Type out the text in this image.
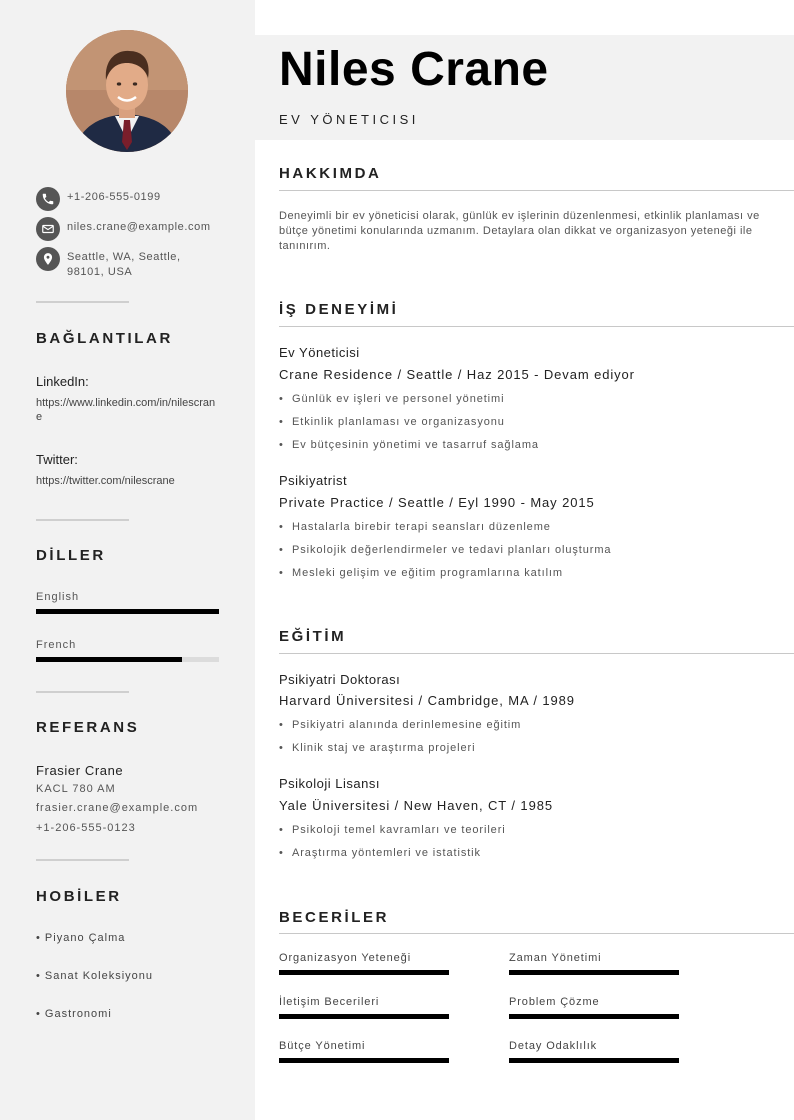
+1-206-555-0199
niles.crane@example.com
Seattle, WA, Seattle, 98101, USA
BAĞLANTILAR
LinkedIn:
https://www.linkedin.com/in/nilescrane
Twitter:
https://twitter.com/nilescrane
DİLLER
English
French
REFERANS
Frasier Crane
KACL 780 AM
frasier.crane@example.com
+1-206-555-0123
HOBİLER
• Piyano Çalma
• Sanat Koleksiyonu
• Gastronomi
Niles Crane
EV YÖNETICISI
HAKKIMDA
Deneyimli bir ev yöneticisi olarak, günlük ev işlerinin düzenlenmesi, etkinlik planlaması ve bütçe yönetimi konularında uzmanım. Detaylara olan dikkat ve organizasyon yeteneği ile tanınırım.
İŞ DENEYİMİ
Ev Yöneticisi
Crane Residence / Seattle / Haz 2015 - Devam ediyor
• Günlük ev işleri ve personel yönetimi
• Etkinlik planlaması ve organizasyonu
• Ev bütçesinin yönetimi ve tasarruf sağlama
Psikiyatrist
Private Practice / Seattle / Eyl 1990 - May 2015
• Hastalarla birebir terapi seansları düzenleme
• Psikolojik değerlendirmeler ve tedavi planları oluşturma
• Mesleki gelişim ve eğitim programlarına katılım
EĞİTİM
Psikiyatri Doktorası
Harvard Üniversitesi / Cambridge, MA / 1989
• Psikiyatri alanında derinlemesine eğitim
• Klinik staj ve araştırma projeleri
Psikoloji Lisansı
Yale Üniversitesi / New Haven, CT / 1985
• Psikoloji temel kavramları ve teorileri
• Araştırma yöntemleri ve istatistik
BECERİLER
Organizasyon Yeteneği	Zaman Yönetimi
İletişim Becerileri	Problem Çözme
Bütçe Yönetimi	Detay Odaklılık
